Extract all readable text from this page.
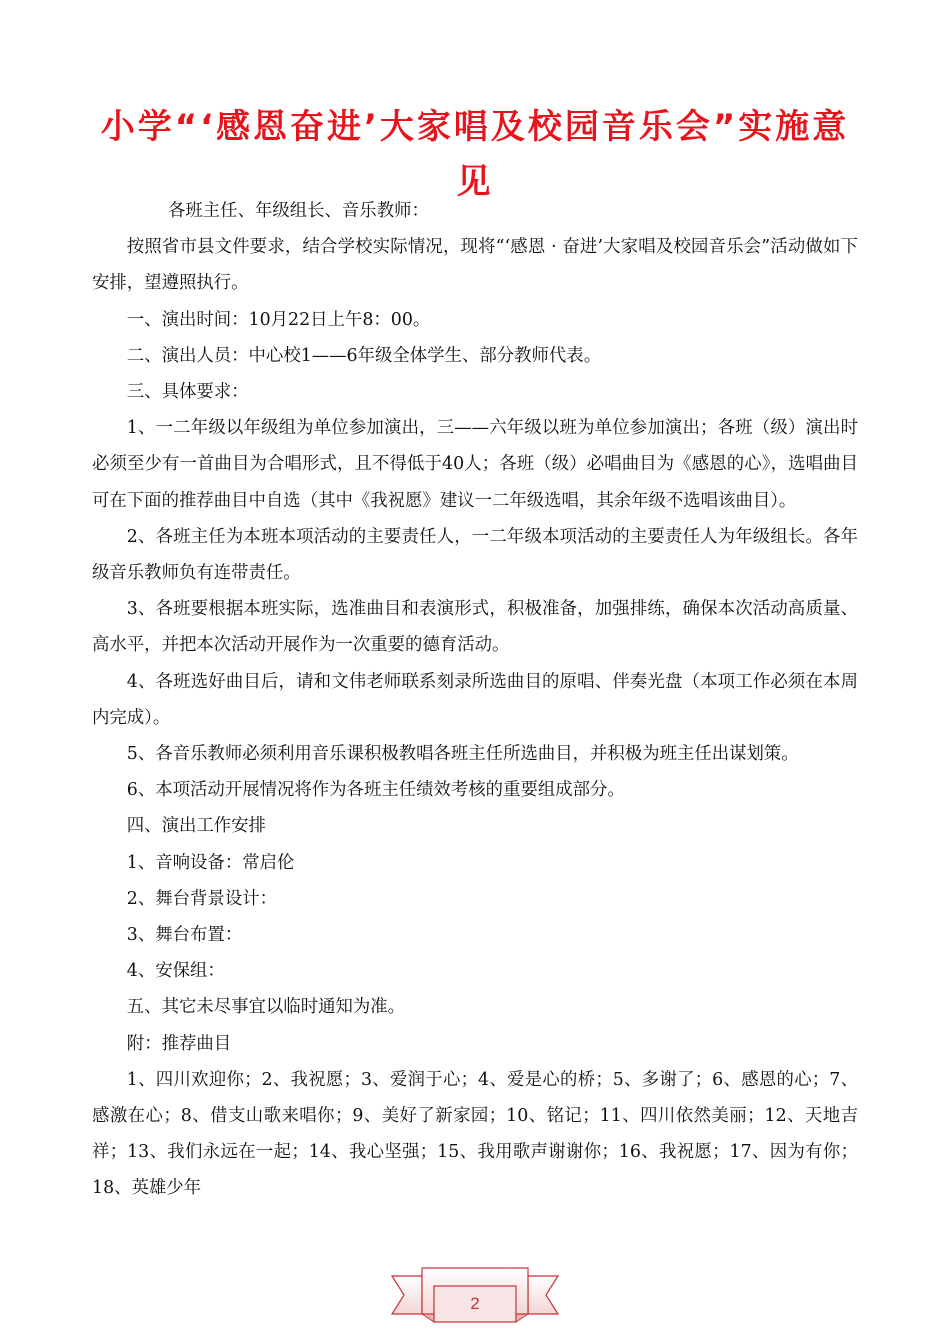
小学“‘感恩奋进’大家唱及校园音乐会”实施意见

各班主任、年级组长、音乐教师：

按照省市县文件要求，结合学校实际情况，现将“‘感恩 · 奋进’大家唱及校园音乐会”活动做如下安排，望遵照执行。

一、演出时间：10月22日上午8：00。

二、演出人员：中心校1——6年级全体学生、部分教师代表。

三、具体要求：

1、一二年级以年级组为单位参加演出，三——六年级以班为单位参加演出；各班（级）演出时必须至少有一首曲目为合唱形式，且不得低于40人；各班（级）必唱曲目为《感恩的心》，选唱曲目可在下面的推荐曲目中自选（其中《我祝愿》建议一二年级选唱，其余年级不选唱该曲目）。

2、各班主任为本班本项活动的主要责任人，一二年级本项活动的主要责任人为年级组长。各年级音乐教师负有连带责任。

3、各班要根据本班实际，选准曲目和表演形式，积极准备，加强排练，确保本次活动高质量、高水平，并把本次活动开展作为一次重要的德育活动。

4、各班选好曲目后，请和文伟老师联系刻录所选曲目的原唱、伴奏光盘（本项工作必须在本周内完成）。

5、各音乐教师必须利用音乐课积极教唱各班主任所选曲目，并积极为班主任出谋划策。

6、本项活动开展情况将作为各班主任绩效考核的重要组成部分。

四、演出工作安排

1、音响设备：常启伦

2、舞台背景设计：

3、舞台布置：

4、安保组：

五、其它未尽事宜以临时通知为准。

附：推荐曲目

1、四川欢迎你；2、我祝愿；3、爱润于心；4、爱是心的桥；5、多谢了；6、感恩的心；7、感激在心；8、借支山歌来唱你；9、美好了新家园；10、铭记；11、四川依然美丽；12、天地吉祥；13、我们永远在一起；14、我心坚强；15、我用歌声谢谢你；16、我祝愿；17、因为有你；18、英雄少年

2
